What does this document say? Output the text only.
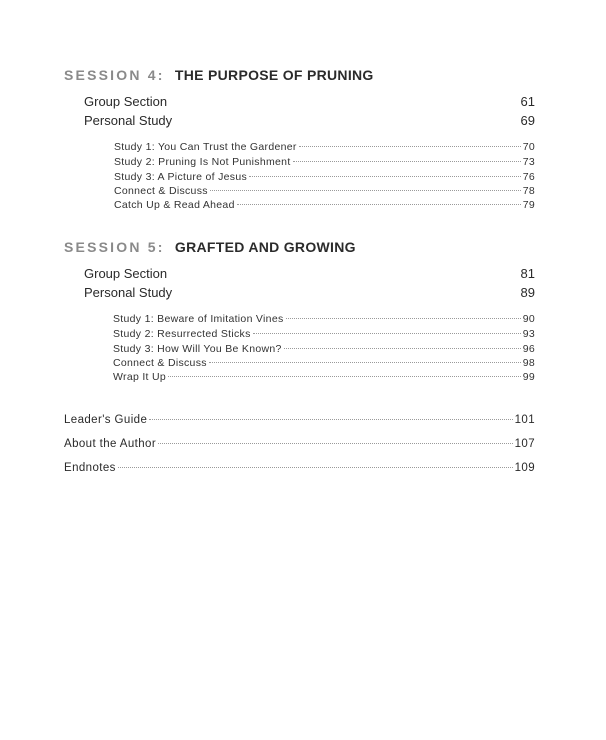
SESSION 4: THE PURPOSE OF PRUNING
Group Section	61
Personal Study	69
Study 1: You Can Trust the Gardener	70
Study 2: Pruning Is Not Punishment	73
Study 3: A Picture of Jesus	76
Connect & Discuss	78
Catch Up & Read Ahead	79
SESSION 5: GRAFTED AND GROWING
Group Section	81
Personal Study	89
Study 1: Beware of Imitation Vines	90
Study 2: Resurrected Sticks	93
Study 3: How Will You Be Known?	96
Connect & Discuss	98
Wrap It Up	99
Leader's Guide	101
About the Author	107
Endnotes	109
